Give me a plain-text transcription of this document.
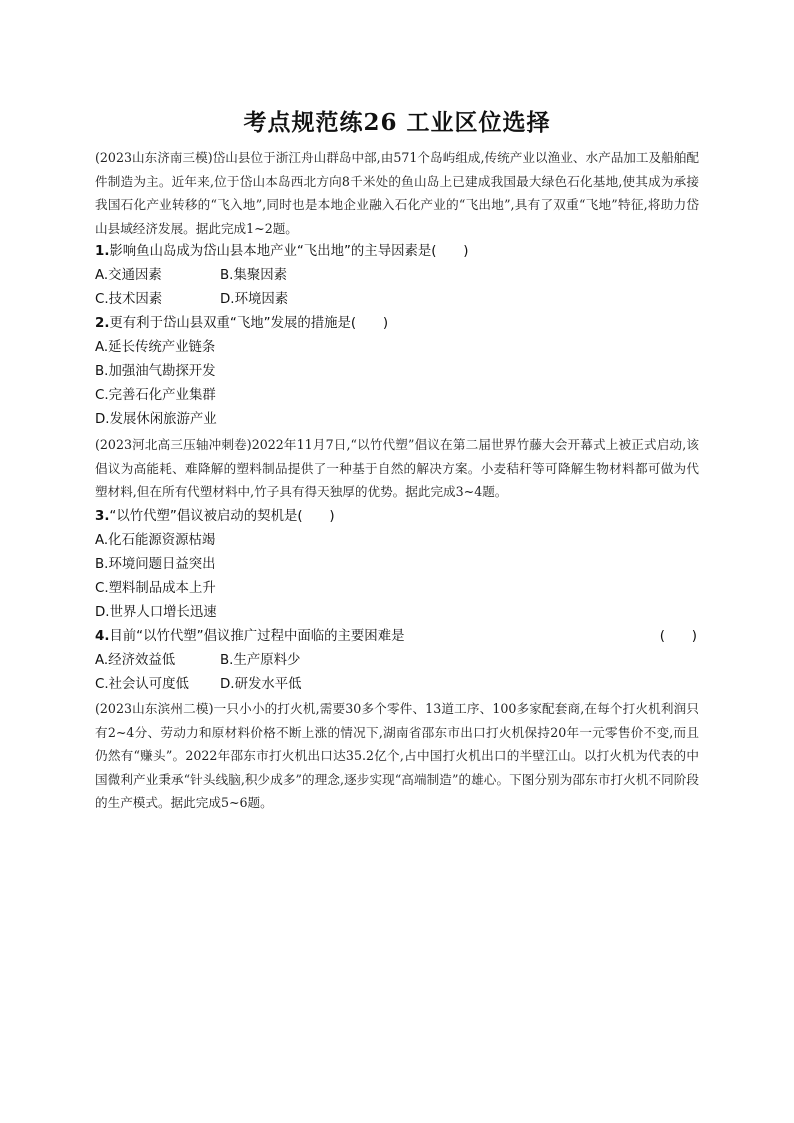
考点规范练26 工业区位选择
(2023山东济南三模)岱山县位于浙江舟山群岛中部,由571个岛屿组成,传统产业以渔业、水产品加工及船舶配件制造为主。近年来,位于岱山本岛西北方向8千米处的鱼山岛上已建成我国最大绿色石化基地,使其成为承接我国石化产业转移的“飞入地”,同时也是本地企业融入石化产业的“飞出地”,具有了双重“飞地”特征,将助力岱山县域经济发展。据此完成1~2题。
1.影响鱼山岛成为岱山县本地产业“飞出地”的主导因素是(　　)
A.交通因素	B.集聚因素
C.技术因素	D.环境因素
2.更有利于岱山县双重“飞地”发展的措施是(　　)
A.延长传统产业链条
B.加强油气勘探开发
C.完善石化产业集群
D.发展休闲旅游产业
(2023河北高三压轴冲刺卷)2022年11月7日,“以竹代塑”倡议在第二届世界竹藤大会开幕式上被正式启动,该倡议为高能耗、难降解的塑料制品提供了一种基于自然的解决方案。小麦秸秆等可降解生物材料都可做为代塑材料,但在所有代塑材料中,竹子具有得天独厚的优势。据此完成3~4题。
3.“以竹代塑”倡议被启动的契机是(　　)
A.化石能源资源枯竭
B.环境问题日益突出
C.塑料制品成本上升
D.世界人口增长迅速
4.目前“以竹代塑”倡议推广过程中面临的主要困难是	(　　)
A.经济效益低	B.生产原料少
C.社会认可度低 D.研发水平低
(2023山东滨州二模)一只小小的打火机,需要30多个零件、13道工序、100多家配套商,在每个打火机利润只有2~4分、劳动力和原材料价格不断上涨的情况下,湖南省邵东市出口打火机保持20年一元零售价不变,而且仍然有“赚头”。2022年邵东市打火机出口达35.2亿个,占中国打火机出口的半壁江山。以打火机为代表的中国微利产业秉承“针头线脑,积少成多”的理念,逐步实现“高端制造”的雄心。下图分别为邵东市打火机不同阶段的生产模式。据此完成5~6题。
